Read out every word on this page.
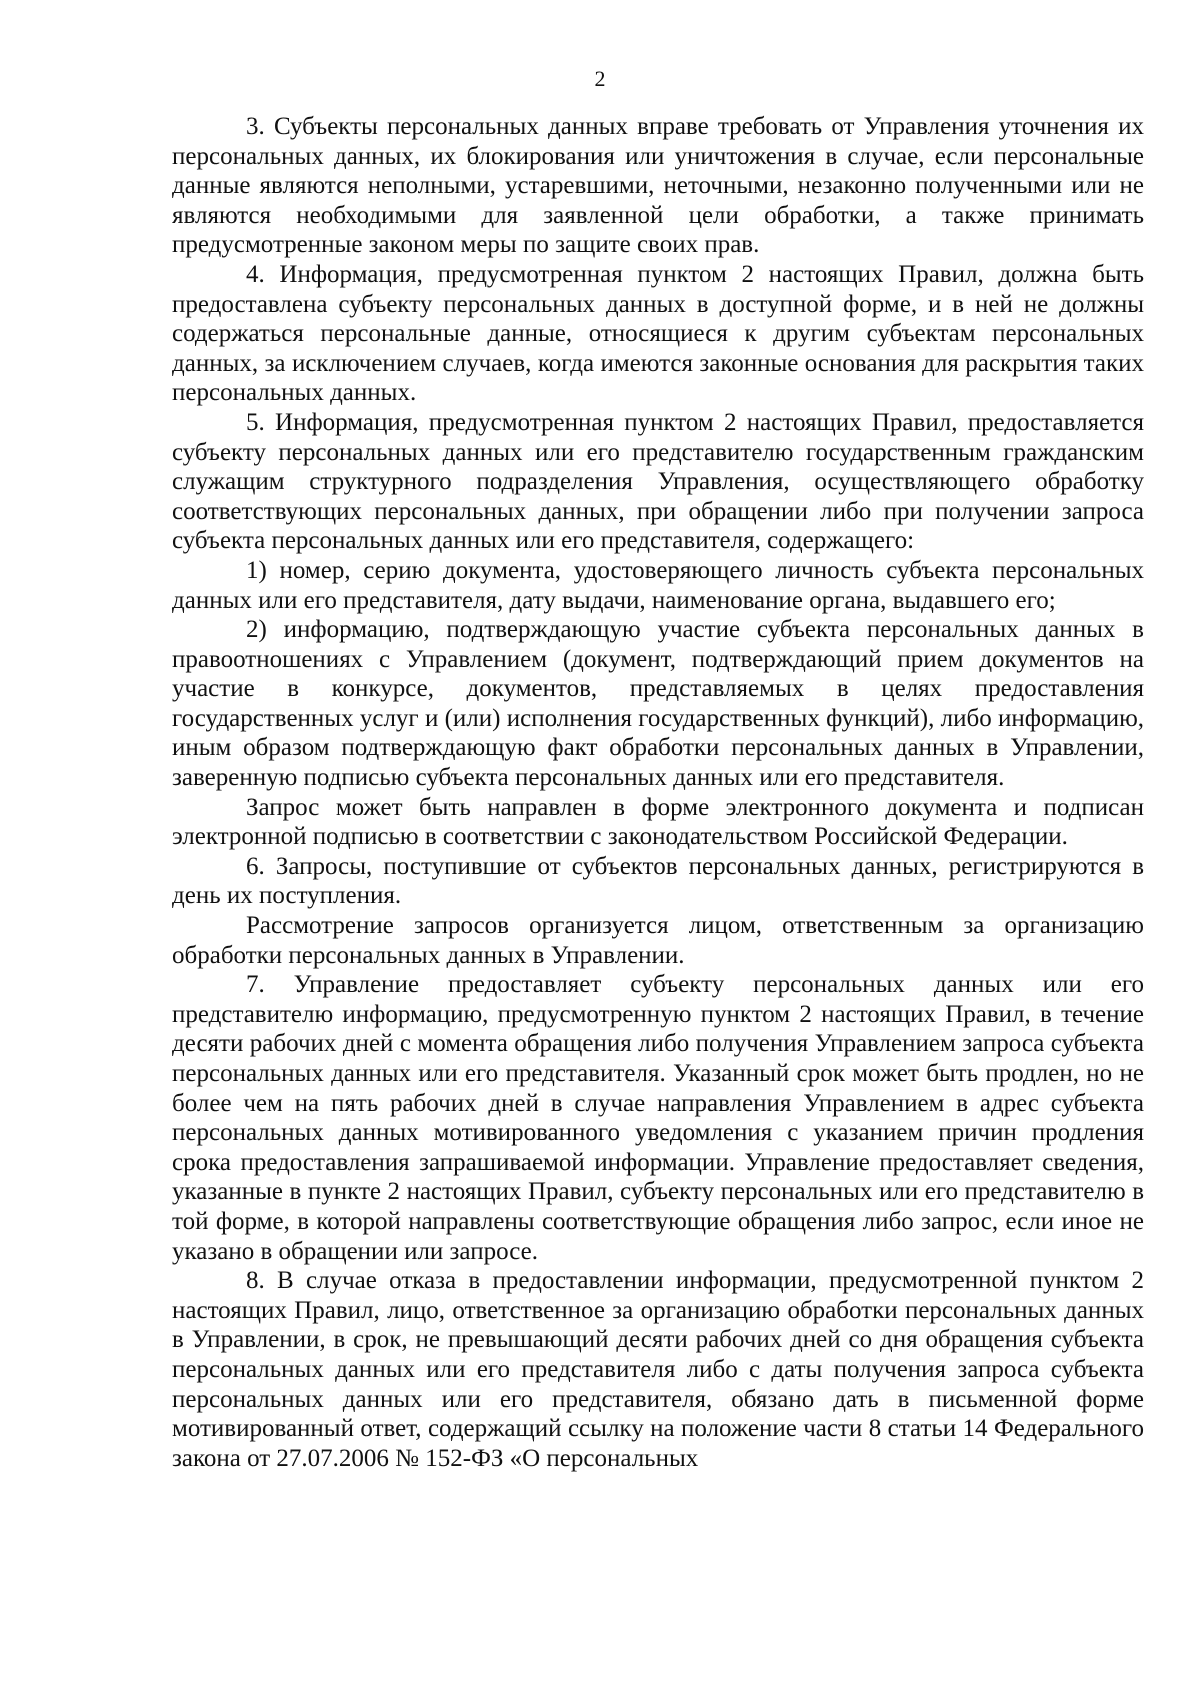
2

3. Субъекты персональных данных вправе требовать от Управления уточнения их персональных данных, их блокирования или уничтожения в случае, если персональные данные являются неполными, устаревшими, неточными, незаконно полученными или не являются необходимыми для заявленной цели обработки, а также принимать предусмотренные законом меры по защите своих прав.

4. Информация, предусмотренная пунктом 2 настоящих Правил, должна быть предоставлена субъекту персональных данных в доступной форме, и в ней не должны содержаться персональные данные, относящиеся к другим субъектам персональных данных, за исключением случаев, когда имеются законные основания для раскрытия таких персональных данных.

5. Информация, предусмотренная пунктом 2 настоящих Правил, предоставляется субъекту персональных данных или его представителю государственным гражданским служащим структурного подразделения Управления, осуществляющего обработку соответствующих персональных данных, при обращении либо при получении запроса субъекта персональных данных или его представителя, содержащего:

1) номер, серию документа, удостоверяющего личность субъекта персональных данных или его представителя, дату выдачи, наименование органа, выдавшего его;

2) информацию, подтверждающую участие субъекта персональных данных в правоотношениях с Управлением (документ, подтверждающий прием документов на участие в конкурсе, документов, представляемых в целях предоставления государственных услуг и (или) исполнения государственных функций), либо информацию, иным образом подтверждающую факт обработки персональных данных в Управлении, заверенную подписью субъекта персональных данных или его представителя.

Запрос может быть направлен в форме электронного документа и подписан электронной подписью в соответствии с законодательством Российской Федерации.

6. Запросы, поступившие от субъектов персональных данных, регистрируются в день их поступления.

Рассмотрение запросов организуется лицом, ответственным за организацию обработки персональных данных в Управлении.

7. Управление предоставляет субъекту персональных данных или его представителю информацию, предусмотренную пунктом 2 настоящих Правил, в течение десяти рабочих дней с момента обращения либо получения Управлением запроса субъекта персональных данных или его представителя. Указанный срок может быть продлен, но не более чем на пять рабочих дней в случае направления Управлением в адрес субъекта персональных данных мотивированного уведомления с указанием причин продления срока предоставления запрашиваемой информации. Управление предоставляет сведения, указанные в пункте 2 настоящих Правил, субъекту персональных или его представителю в той форме, в которой направлены соответствующие обращения либо запрос, если иное не указано в обращении или запросе.

8. В случае отказа в предоставлении информации, предусмотренной пунктом 2 настоящих Правил, лицо, ответственное за организацию обработки персональных данных в Управлении, в срок, не превышающий десяти рабочих дней со дня обращения субъекта персональных данных или его представителя либо с даты получения запроса субъекта персональных данных или его представителя, обязано дать в письменной форме мотивированный ответ, содержащий ссылку на положение части 8 статьи 14 Федерального закона от 27.07.2006 № 152-ФЗ «О персональных
